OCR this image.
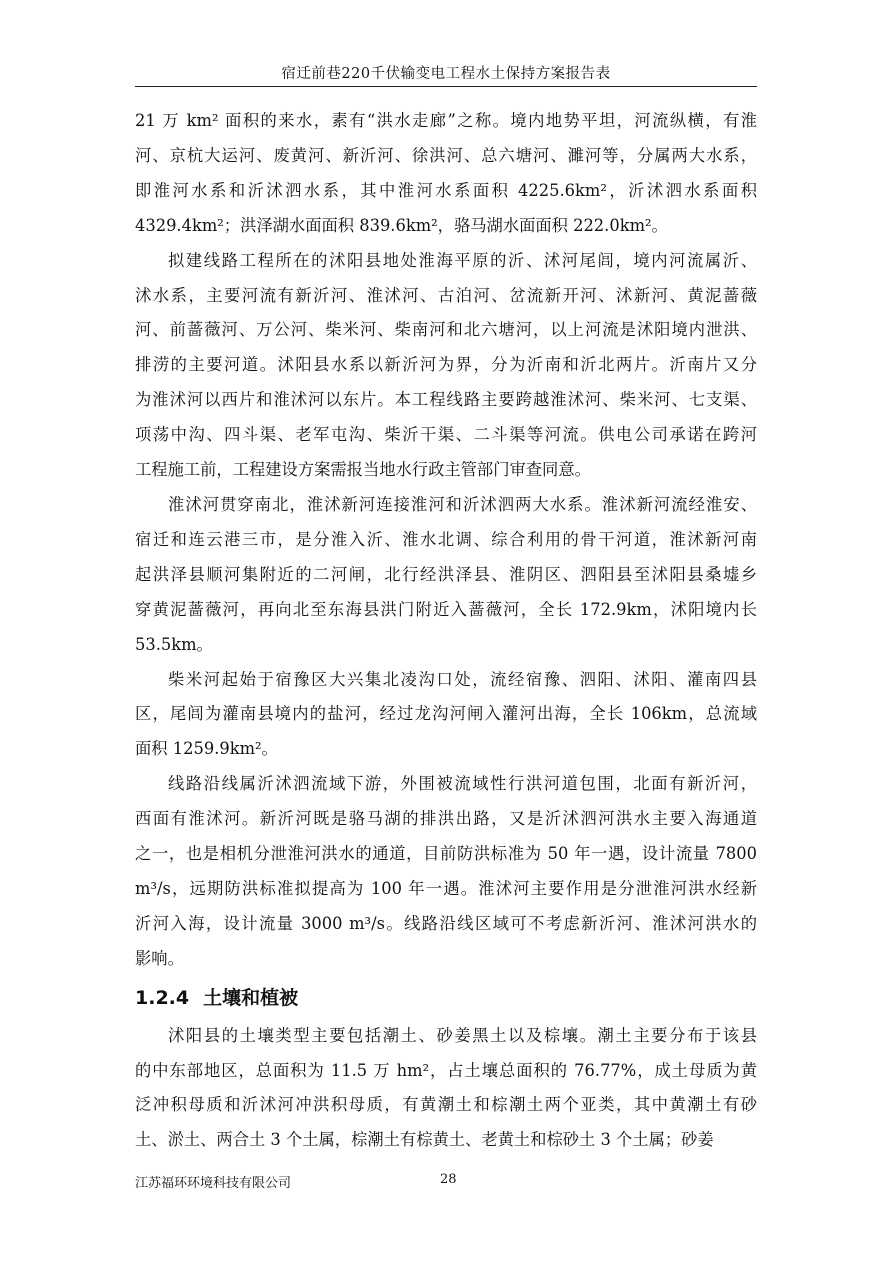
宿迁前巷220千伏输变电工程水土保持方案报告表
21 万 km² 面积的来水，素有“洪水走廊”之称。境内地势平坦，河流纵横，有淮
河、京杭大运河、废黄河、新沂河、徐洪河、总六塘河、濉河等，分属两大水系，
即淮河水系和沂沭泗水系，其中淮河水系面积 4225.6km²，沂沭泗水系面积
4329.4km²；洪泽湖水面面积 839.6km²，骆马湖水面面积 222.0km²。
拟建线路工程所在的沭阳县地处淮海平原的沂、沭河尾闾，境内河流属沂、
沭水系，主要河流有新沂河、淮沭河、古泊河、岔流新开河、沭新河、黄泥蔷薇
河、前蔷薇河、万公河、柴米河、柴南河和北六塘河，以上河流是沭阳境内泄洪、
排涝的主要河道。沭阳县水系以新沂河为界，分为沂南和沂北两片。沂南片又分
为淮沭河以西片和淮沭河以东片。本工程线路主要跨越淮沭河、柴米河、七支渠、
项荡中沟、四斗渠、老军屯沟、柴沂干渠、二斗渠等河流。供电公司承诺在跨河
工程施工前，工程建设方案需报当地水行政主管部门审查同意。
淮沭河贯穿南北，淮沭新河连接淮河和沂沭泗两大水系。淮沭新河流经淮安、
宿迁和连云港三市，是分淮入沂、淮水北调、综合利用的骨干河道，淮沭新河南
起洪泽县顺河集附近的二河闸，北行经洪泽县、淮阴区、泗阳县至沭阳县桑墟乡
穿黄泥蔷薇河，再向北至东海县洪门附近入蔷薇河，全长 172.9km，沭阳境内长
53.5km。
柴米河起始于宿豫区大兴集北凌沟口处，流经宿豫、泗阳、沭阳、灌南四县
区，尾闾为灌南县境内的盐河，经过龙沟河闸入灌河出海，全长 106km，总流域
面积 1259.9km²。
线路沿线属沂沭泗流域下游，外围被流域性行洪河道包围，北面有新沂河，
西面有淮沭河。新沂河既是骆马湖的排洪出路，又是沂沭泗河洪水主要入海通道
之一，也是相机分泄淮河洪水的通道，目前防洪标准为 50 年一遇，设计流量 7800
m³/s，远期防洪标准拟提高为 100 年一遇。淮沭河主要作用是分泄淮河洪水经新
沂河入海，设计流量 3000 m³/s。线路沿线区域可不考虑新沂河、淮沭河洪水的
影响。
1.2.4 土壤和植被
沭阳县的土壤类型主要包括潮土、砂姜黑土以及棕壤。潮土主要分布于该县
的中东部地区，总面积为 11.5 万 hm²，占土壤总面积的 76.77%，成土母质为黄
泛冲积母质和沂沭河冲洪积母质，有黄潮土和棕潮土两个亚类，其中黄潮土有砂
土、淤土、两合土 3 个土属，棕潮土有棕黄土、老黄土和棕砂土 3 个土属；砂姜
江苏福环环境科技有限公司	28
